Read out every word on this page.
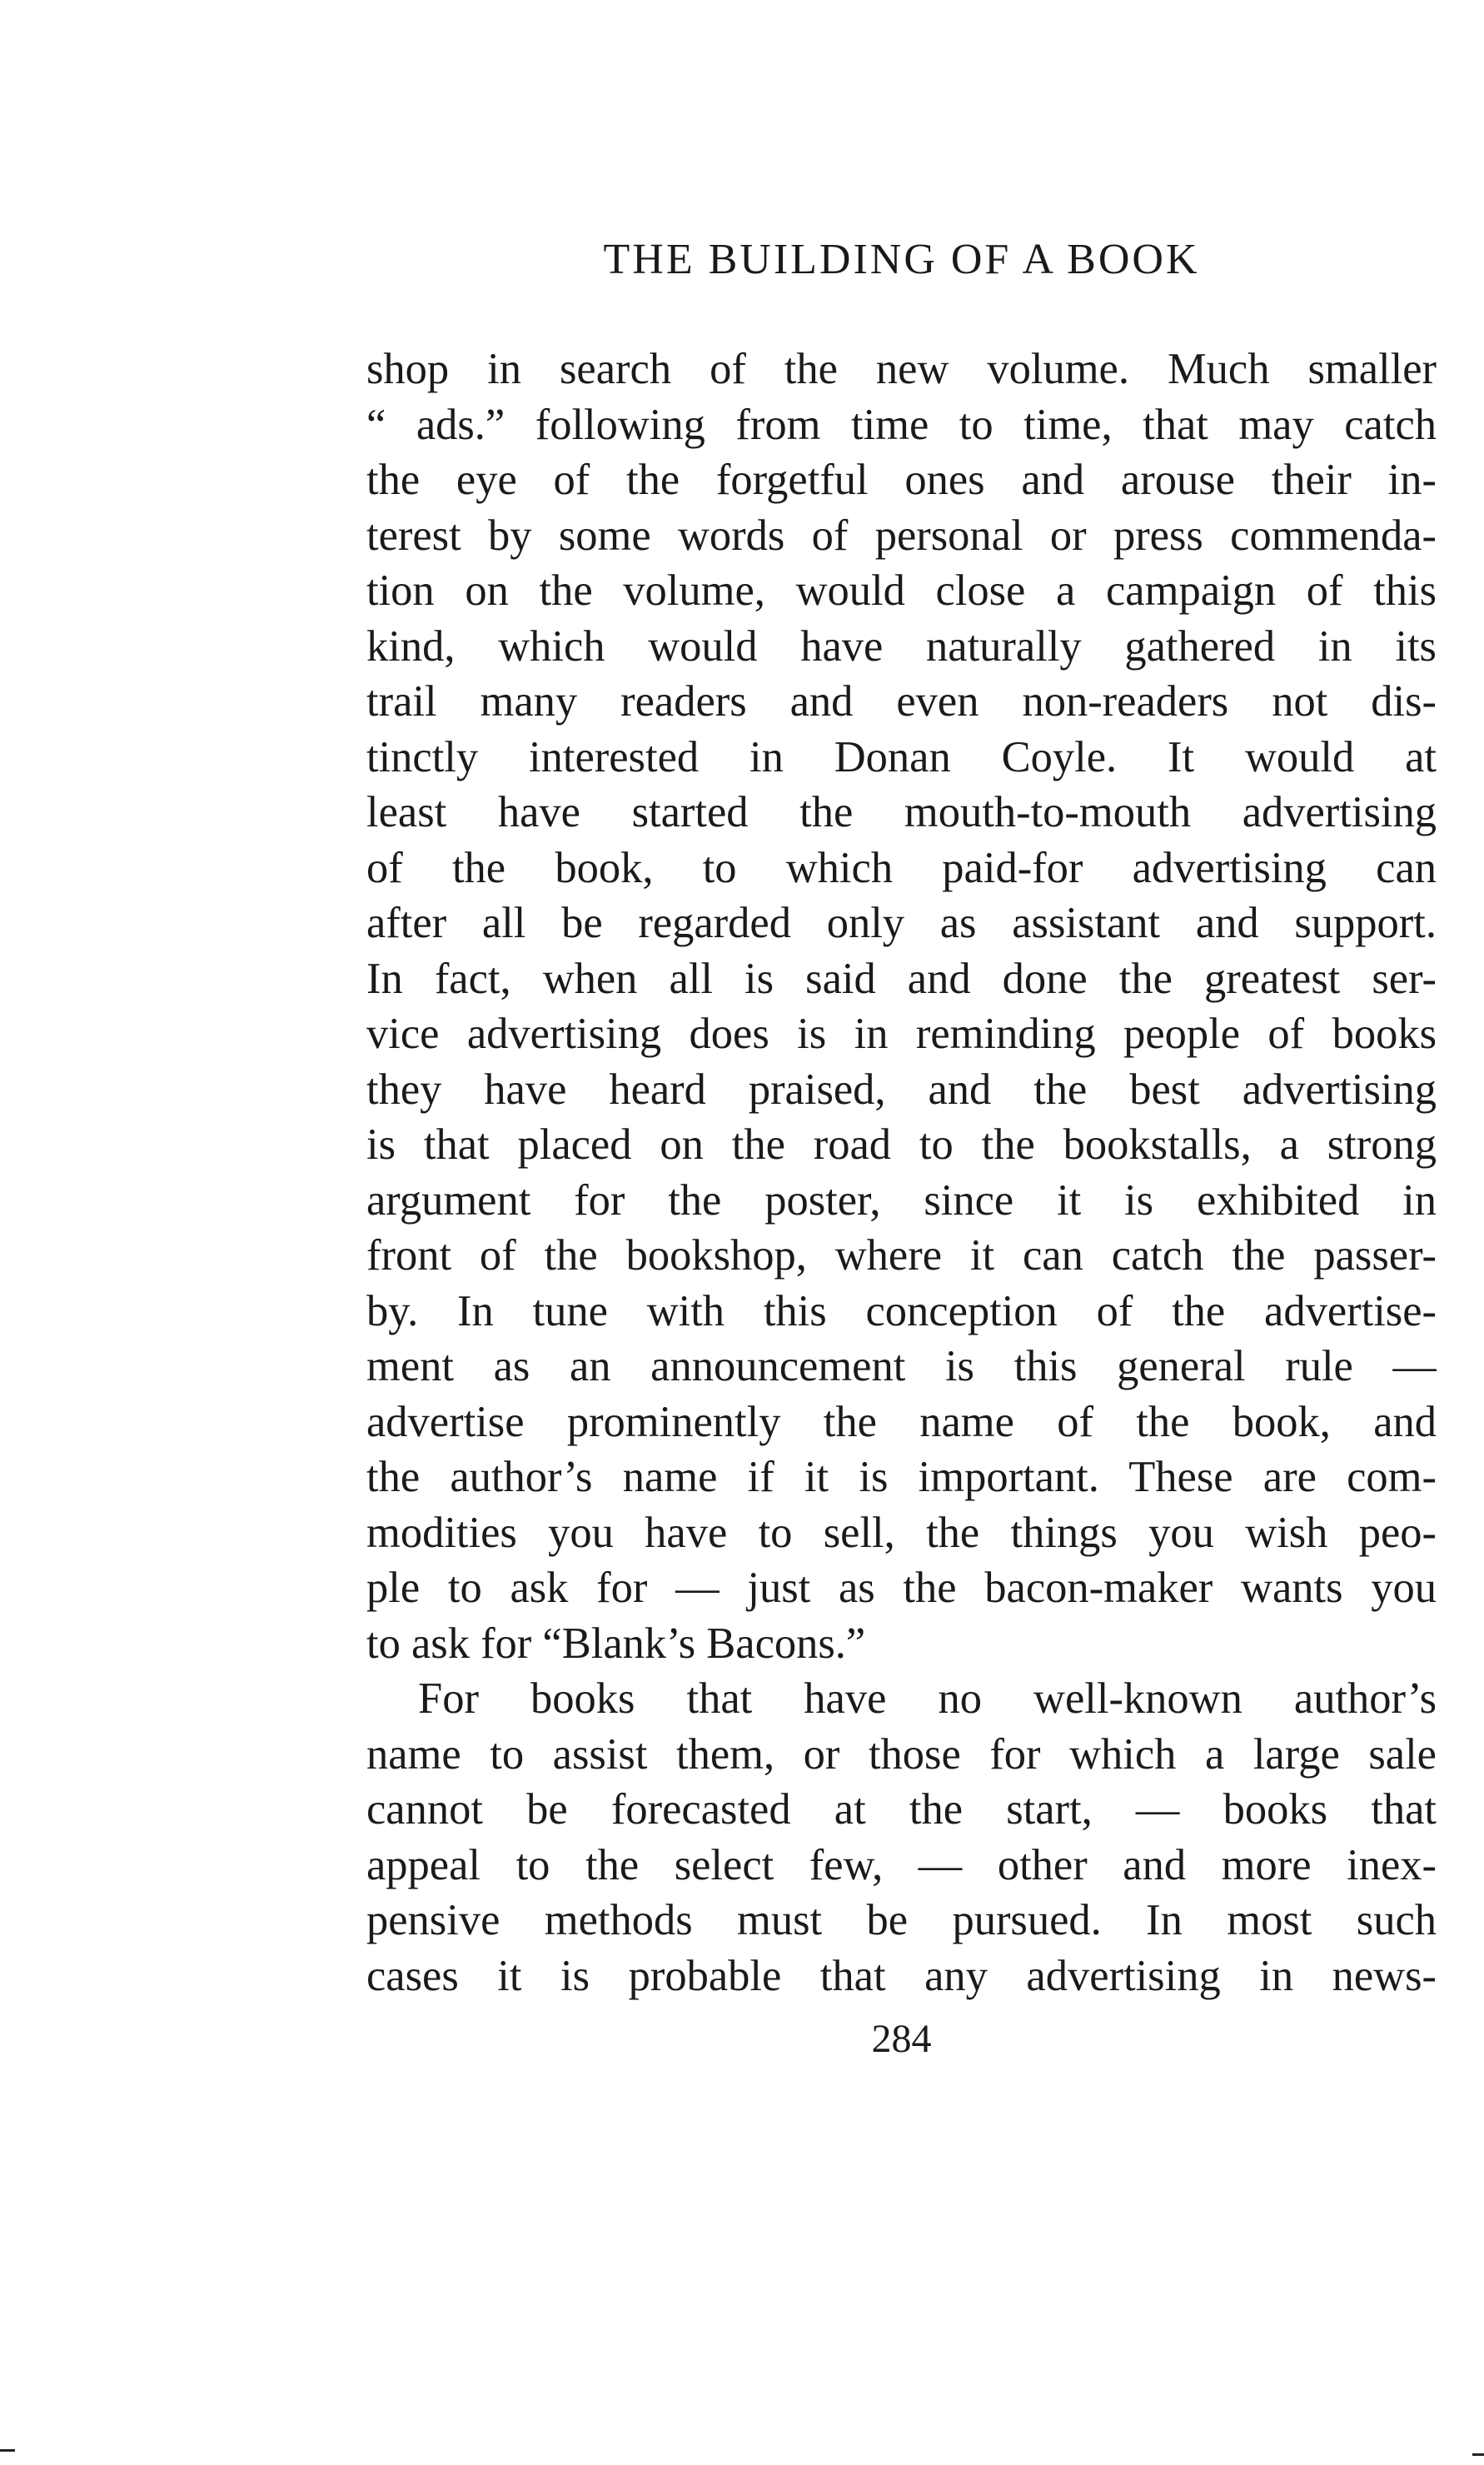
THE BUILDING OF A BOOK
shop in search of the new volume. Much smaller
“ ads.” following from time to time, that may catch
the eye of the forgetful ones and arouse their in-
terest by some words of personal or press commenda-
tion on the volume, would close a campaign of this
kind, which would have naturally gathered in its
trail many readers and even non-readers not dis-
tinctly interested in Donan Coyle. It would at
least have started the mouth-to-mouth advertising
of the book, to which paid-for advertising can
after all be regarded only as assistant and support.
In fact, when all is said and done the greatest ser-
vice advertising does is in reminding people of books
they have heard praised, and the best advertising
is that placed on the road to the bookstalls, a strong
argument for the poster, since it is exhibited in
front of the bookshop, where it can catch the passer-
by. In tune with this conception of the advertise-
ment as an announcement is this general rule —
advertise prominently the name of the book, and
the author’s name if it is important. These are com-
modities you have to sell, the things you wish peo-
ple to ask for — just as the bacon-maker wants you
to ask for “Blank’s Bacons.”
For books that have no well-known author’s
name to assist them, or those for which a large sale
cannot be forecasted at the start, — books that
appeal to the select few, — other and more inex-
pensive methods must be pursued. In most such
cases it is probable that any advertising in news-
284
